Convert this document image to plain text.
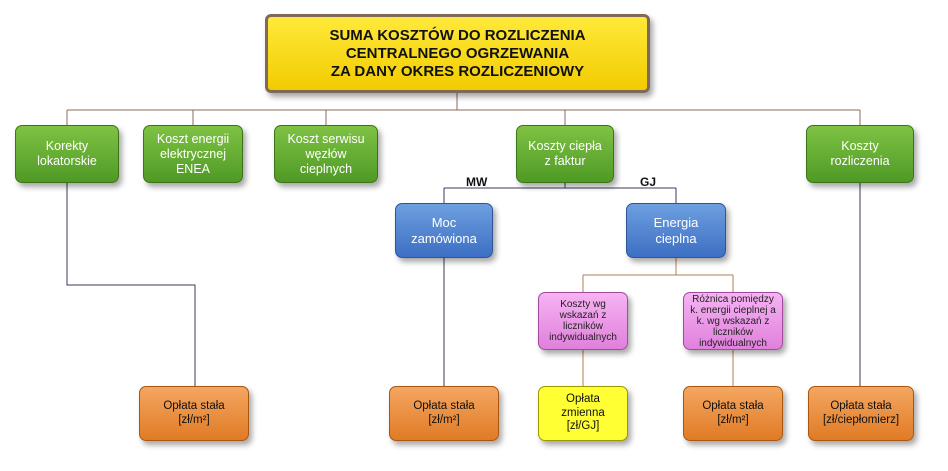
SUMA KOSZTÓW DO ROZLICZENIA
CENTRALNEGO OGRZEWANIA
ZA DANY OKRES ROZLICZENIOWY
Korekty
lokatorskie
Koszt energii
elektrycznej
ENEA
Koszt serwisu
węzłów
cieplnych
Koszty ciepła
z faktur
Koszty
rozliczenia
MW	GJ
Moc
zamówiona
Energia
cieplna
Koszty wg
wskazań z
liczników
indywidualnych
Różnica pomiędzy
k. energii cieplnej a
k. wg wskazań z
liczników
indywidualnych
Opłata stała
[zł/m²]
Opłata stała
[zł/m²]
Opłata
zmienna
[zł/GJ]
Opłata stała
[zł/m²]
Opłata stała
[zł/ciepłomierz]
